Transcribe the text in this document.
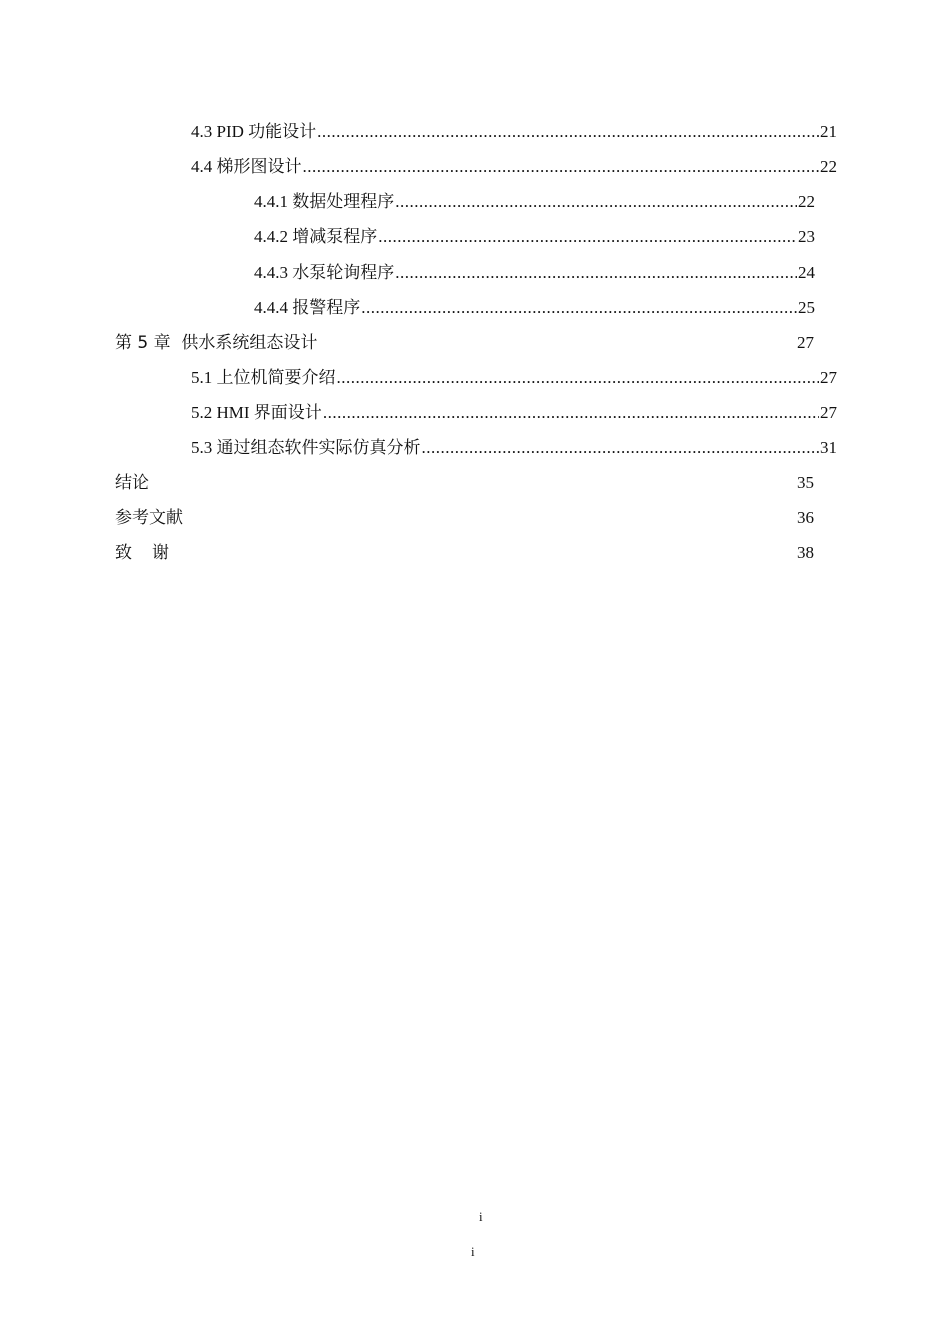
4.3 PID 功能设计 .....	21
4.4 梯形图设计 .....	22
4.4.1 数据处理程序 .....	22
4.4.2 增减泵程序 .....	23
4.4.3 水泵轮询程序 .....	24
4.4.4 报警程序 .....	25
第 5 章  供水系统组态设计	27
5.1 上位机简要介绍 .....	27
5.2 HMI 界面设计 .....	27
5.3 通过组态软件实际仿真分析 .....	31
结论	35
参考文献	36
致谢	38
i
i
